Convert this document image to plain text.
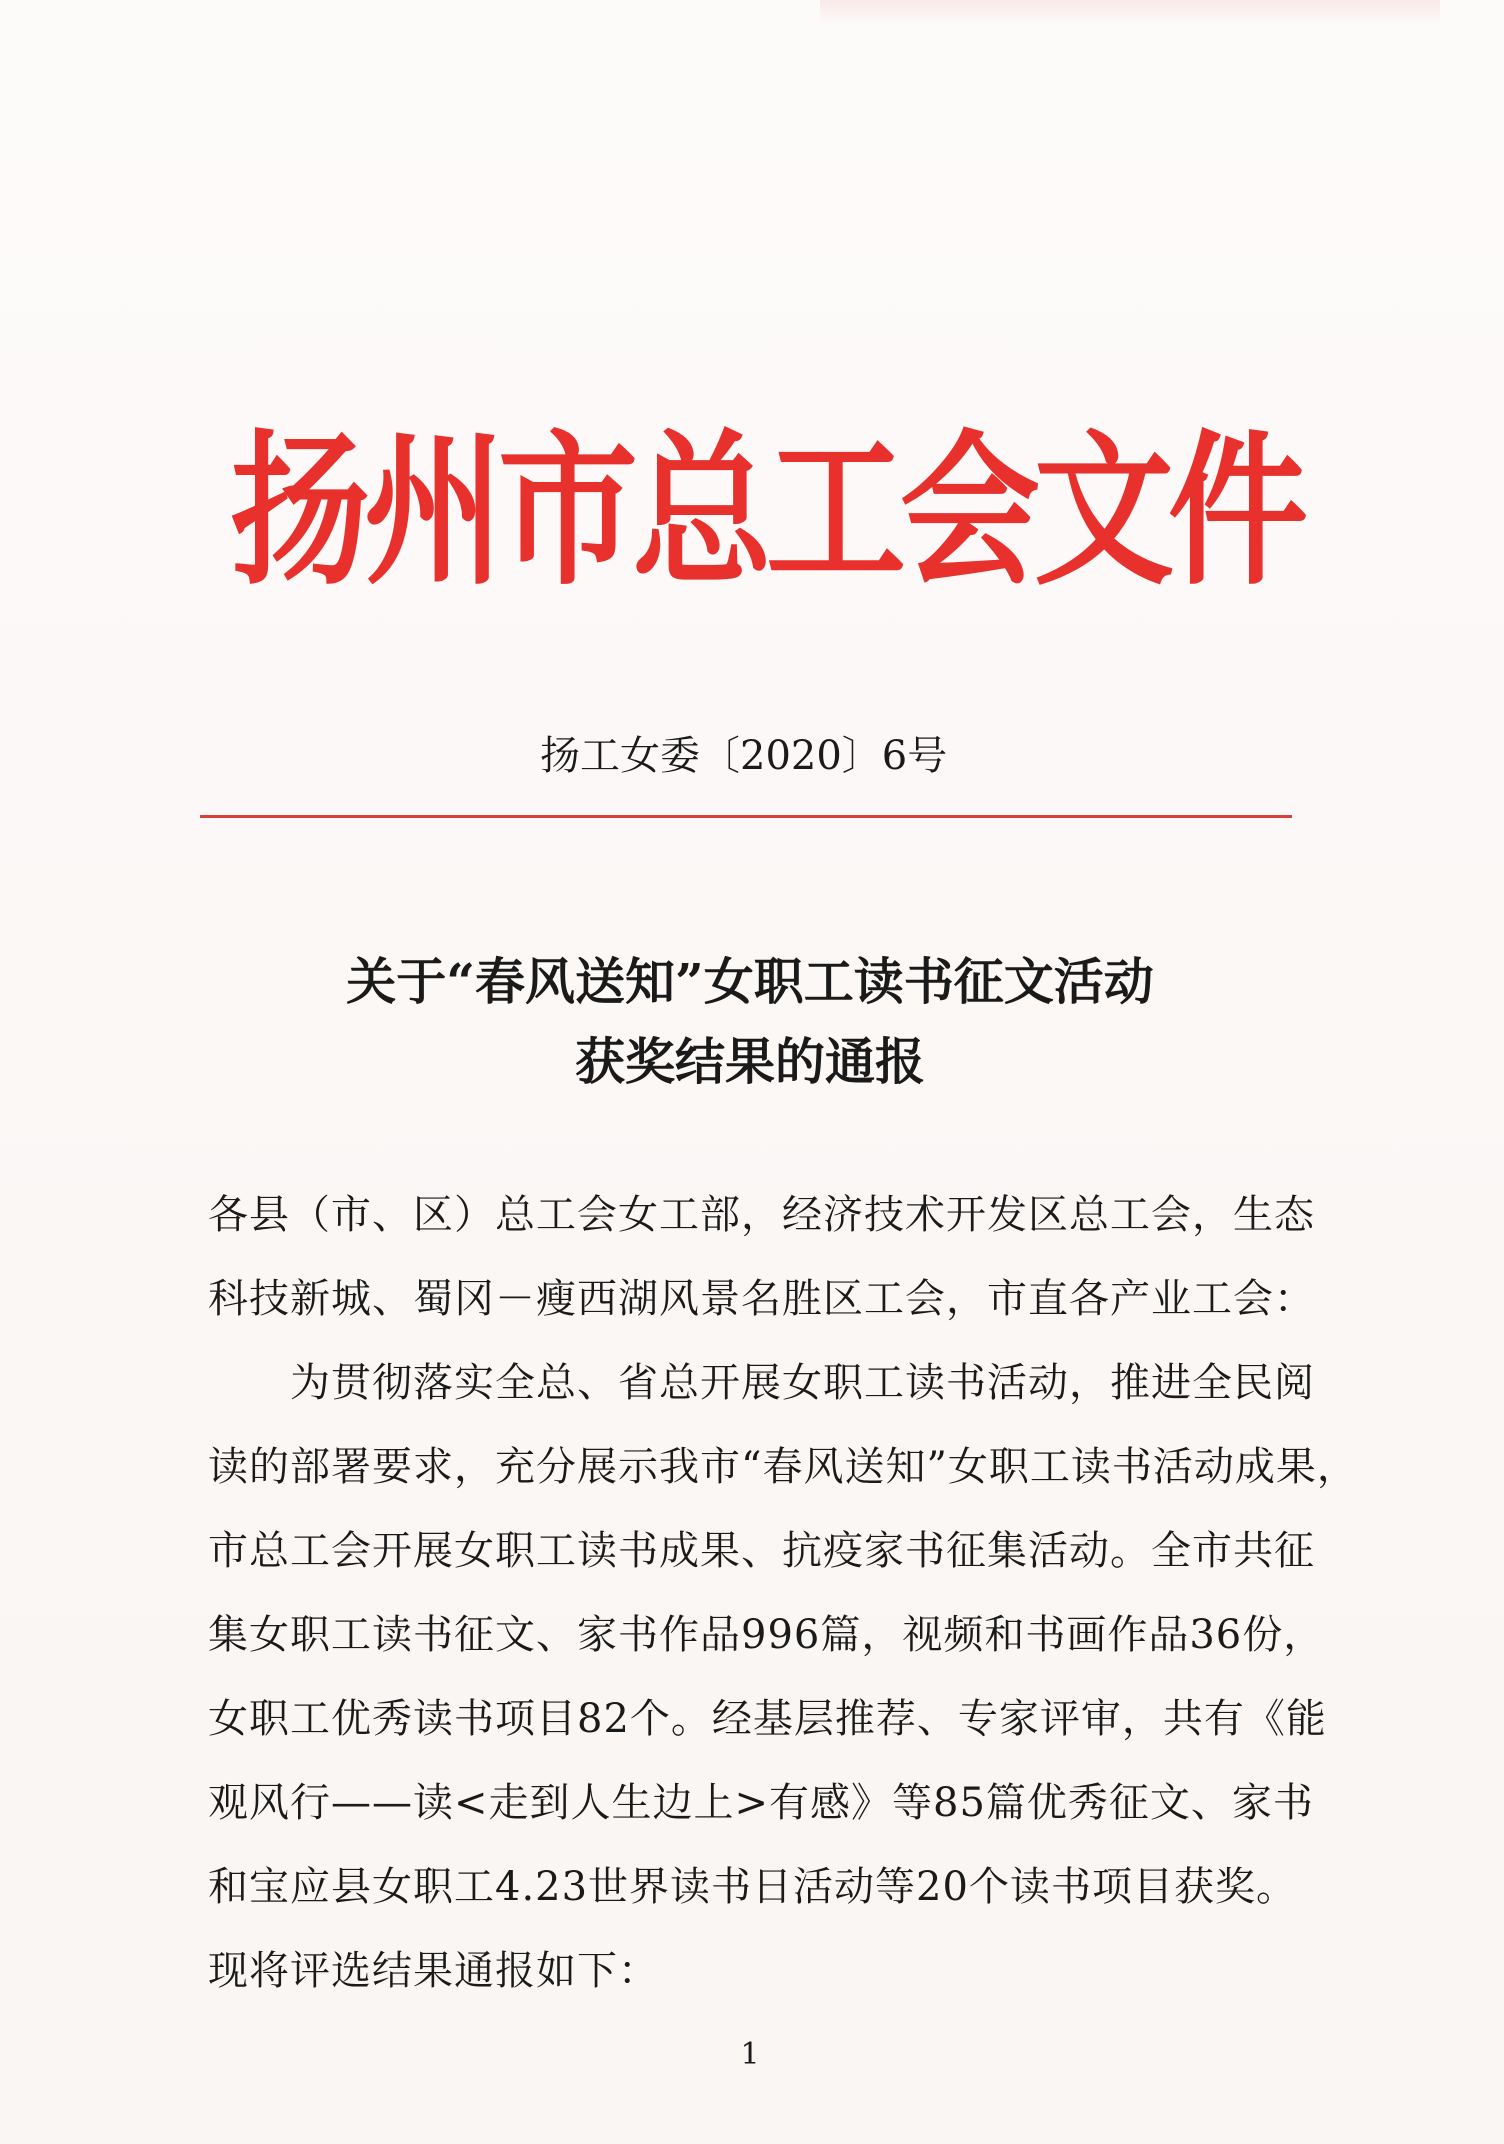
扬州市总工会文件
扬工女委〔2020〕6号
关于“春风送知”女职工读书征文活动
获奖结果的通报
各县（市、区）总工会女工部，经济技术开发区总工会，生态
科技新城、蜀冈－瘦西湖风景名胜区工会，市直各产业工会：
为贯彻落实全总、省总开展女职工读书活动，推进全民阅
读的部署要求，充分展示我市“春风送知”女职工读书活动成果，
市总工会开展女职工读书成果、抗疫家书征集活动。全市共征
集女职工读书征文、家书作品996篇，视频和书画作品36份，
女职工优秀读书项目82个。经基层推荐、专家评审，共有《能
观风行——读<走到人生边上>有感》等85篇优秀征文、家书
和宝应县女职工4.23世界读书日活动等20个读书项目获奖。
现将评选结果通报如下：
1
